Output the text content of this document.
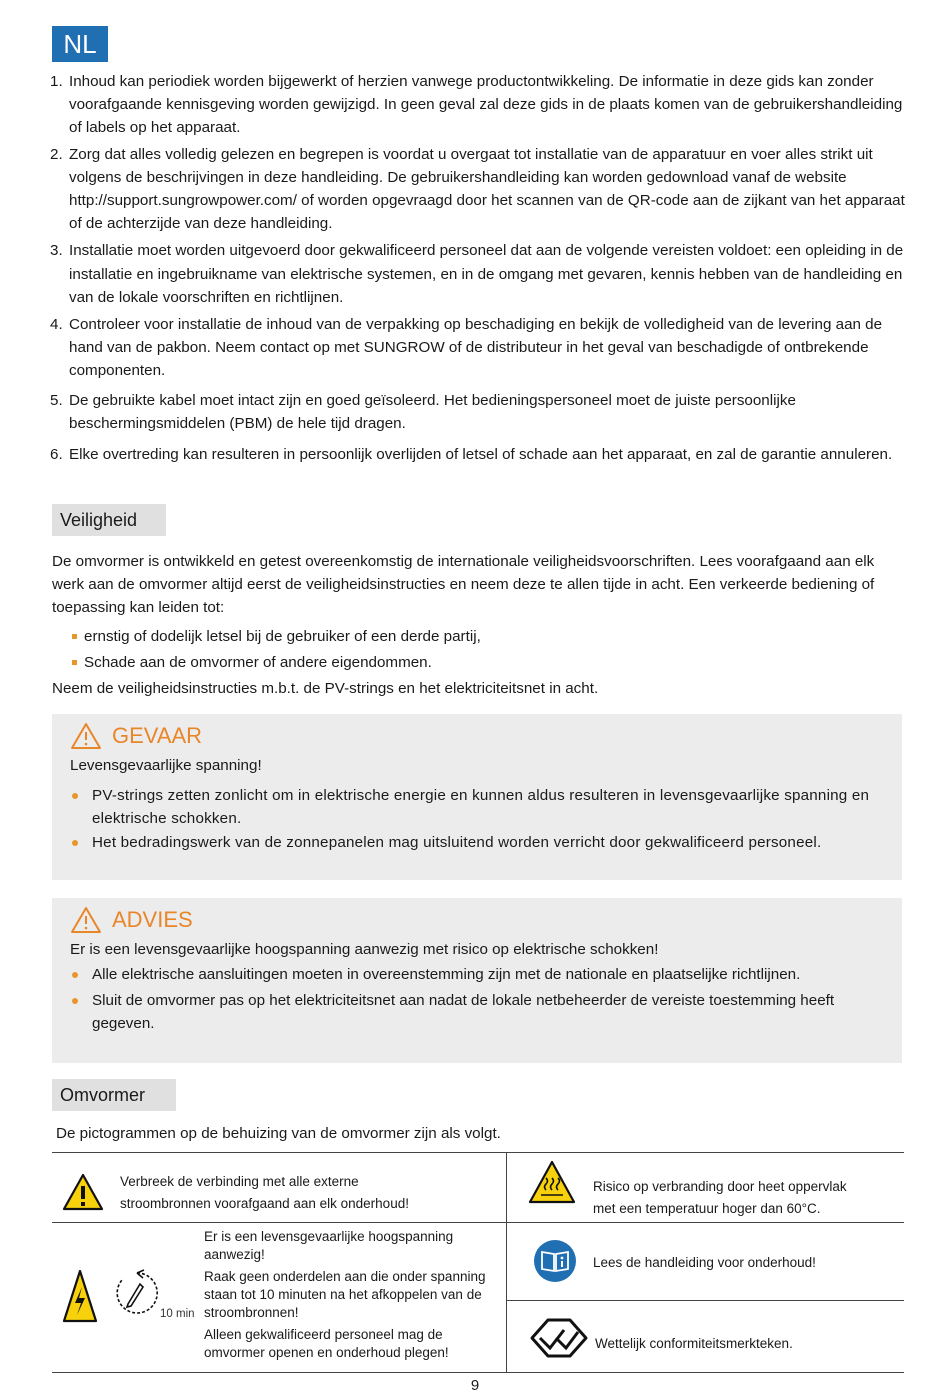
NL
1. Inhoud kan periodiek worden bijgewerkt of herzien vanwege productontwikkeling. De informatie in deze gids kan zonder voorafgaande kennisgeving worden gewijzigd. In geen geval zal deze gids in de plaats komen van de gebruikershandleiding of labels op het apparaat.
2. Zorg dat alles volledig gelezen en begrepen is voordat u overgaat tot installatie van de apparatuur en voer alles strikt uit volgens de beschrijvingen in deze handleiding. De gebruikershandleiding kan worden gedownload vanaf de website http://support.sungrowpower.com/ of worden opgevraagd door het scannen van de QR-code aan de zijkant van het apparaat of de achterzijde van deze handleiding.
3. Installatie moet worden uitgevoerd door gekwalificeerd personeel dat aan de volgende vereisten voldoet: een opleiding in de installatie en ingebruikname van elektrische systemen, en in de omgang met gevaren, kennis hebben van de handleiding en van de lokale voorschriften en richtlijnen.
4. Controleer voor installatie de inhoud van de verpakking op beschadiging en bekijk de volledigheid van de levering aan de hand van de pakbon. Neem contact op met SUNGROW of de distributeur in het geval van beschadigde of ontbrekende componenten.
5. De gebruikte kabel moet intact zijn en goed geïsoleerd. Het bedieningspersoneel moet de juiste persoonlijke beschermingsmiddelen (PBM) de hele tijd dragen.
6. Elke overtreding kan resulteren in persoonlijk overlijden of letsel of schade aan het apparaat, en zal de garantie annuleren.
Veiligheid
De omvormer is ontwikkeld en getest overeenkomstig de internationale veiligheidsvoorschriften. Lees voorafgaand aan elk werk aan de omvormer altijd eerst de veiligheidsinstructies en neem deze te allen tijde in acht. Een verkeerde bediening of toepassing kan leiden tot:
ernstig of dodelijk letsel bij de gebruiker of een derde partij,
Schade aan de omvormer of andere eigendommen.
Neem de veiligheidsinstructies m.b.t. de PV-strings en het elektriciteitsnet in acht.
GEVAAR
Levensgevaarlijke spanning!
PV-strings zetten zonlicht om in elektrische energie en kunnen aldus resulteren in levensgevaarlijke spanning en elektrische schokken.
Het bedradingswerk van de zonnepanelen mag uitsluitend worden verricht door gekwalificeerd personeel.
ADVIES
Er is een levensgevaarlijke hoogspanning aanwezig met risico op elektrische schokken!
Alle elektrische aansluitingen moeten in overeenstemming zijn met de nationale en plaatselijke richtlijnen.
Sluit de omvormer pas op het elektriciteitsnet aan nadat de lokale netbeheerder de vereiste toestemming heeft gegeven.
Omvormer
De pictogrammen op de behuizing van de omvormer zijn als volgt.
Verbreek de verbinding met alle externe
stroombronnen voorafgaand aan elk onderhoud!
Risico op verbranding door heet oppervlak
met een temperatuur hoger dan 60°C.
10 min
Er is een levensgevaarlijke hoogspanning aanwezig!
Raak geen onderdelen aan die onder spanning staan tot 10 minuten na het afkoppelen van de stroombronnen!
Alleen gekwalificeerd personeel mag de omvormer openen en onderhoud plegen!
Lees de handleiding voor onderhoud!
Wettelijk conformiteitsmerkteken.
9
